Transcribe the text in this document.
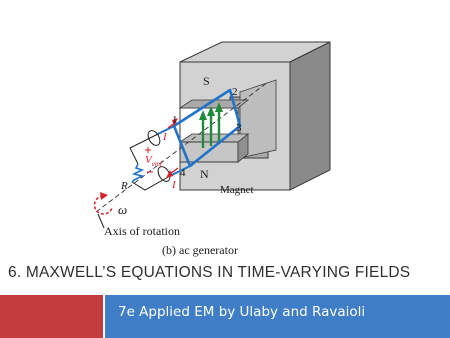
S
N
Magnet
1
2
3
4
I
I
$V_{emf}$
R
ω
Axis of rotation
(b) ac generator
6. MAXWELL’S EQUATIONS IN TIME-VARYING FIELDS
7e Applied EM by Ulaby and Ravaioli
